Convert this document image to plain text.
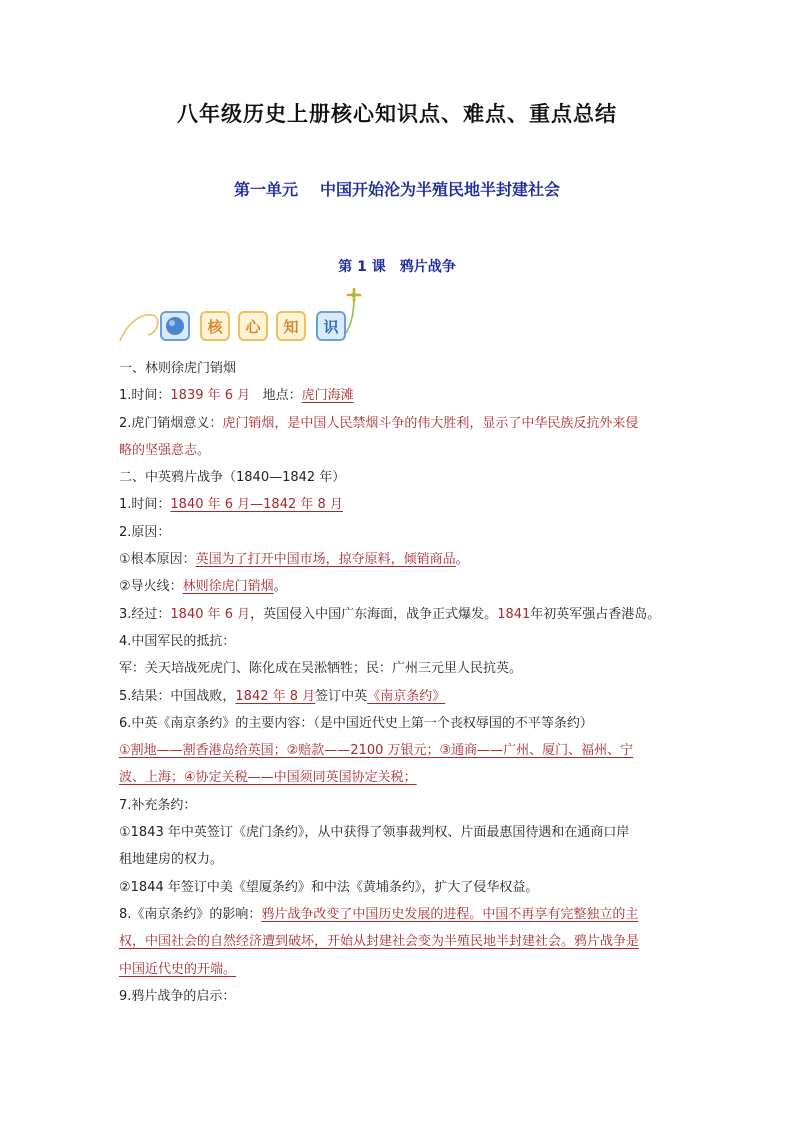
八年级历史上册核心知识点、难点、重点总结
第一单元 中国开始沦为半殖民地半封建社会
第 1 课 鸦片战争
核	心	知	识
一、林则徐虎门销烟
1.时间：1839 年 6 月 地点：虎门海滩
2.虎门销烟意义：虎门销烟，是中国人民禁烟斗争的伟大胜利，显示了中华民族反抗外来侵
略的坚强意志。
二、中英鸦片战争（1840—1842 年）
1.时间：1840 年 6 月—1842 年 8 月
2.原因：
①根本原因：英国为了打开中国市场，掠夺原料，倾销商品。
②导火线：林则徐虎门销烟。
3.经过：1840 年 6 月，英国侵入中国广东海面，战争正式爆发。1841年初英军强占香港岛。
4.中国军民的抵抗：
军：关天培战死虎门、陈化成在吴淞牺牲；民：广州三元里人民抗英。
5.结果：中国战败，1842 年 8 月签订中英《南京条约》
6.中英《南京条约》的主要内容：（是中国近代史上第一个丧权辱国的不平等条约）
①割地——割香港岛给英国；②赔款——2100 万银元；③通商——广州、厦门、福州、宁
波、上海；④协定关税——中国须同英国协定关税；
7.补充条约：
①1843 年中英签订《虎门条约》，从中获得了领事裁判权、片面最惠国待遇和在通商口岸
租地建房的权力。
②1844 年签订中美《望厦条约》和中法《黄埔条约》，扩大了侵华权益。
8.《南京条约》的影响：鸦片战争改变了中国历史发展的进程。中国不再享有完整独立的主
权，中国社会的自然经济遭到破坏，开始从封建社会变为半殖民地半封建社会。鸦片战争是
中国近代史的开端。
9.鸦片战争的启示：
